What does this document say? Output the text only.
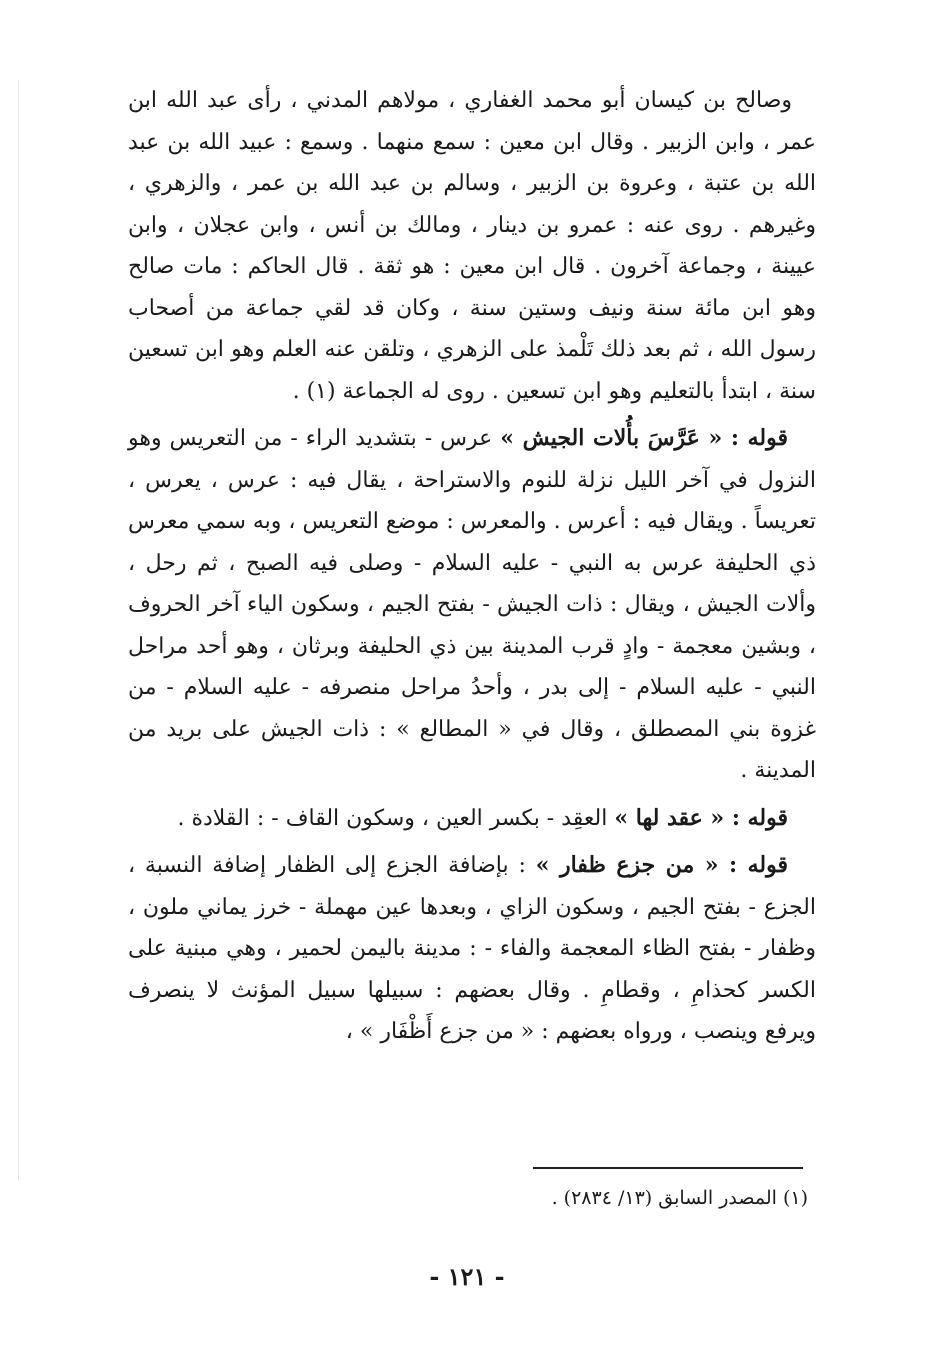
وصالح بن كيسان أبو محمد الغفاري ، مولاهم المدني ، رأى عبد الله ابن عمر ، وابن الزبير . وقال ابن معين : سمع منهما . وسمع : عبيد الله بن عبد الله بن عتبة ، وعروة بن الزبير ، وسالم بن عبد الله بن عمر ، والزهري ، وغيرهم . روى عنه : عمرو بن دينار ، ومالك بن أنس ، وابن عجلان ، وابن عيينة ، وجماعة آخرون . قال ابن معين : هو ثقة . قال الحاكم : مات صالح وهو ابن مائة سنة ونيف وستين سنة ، وكان قد لقي جماعة من أصحاب رسول الله ، ثم بعد ذلك تَلْمذ على الزهري ، وتلقن عنه العلم وهو ابن تسعين سنة ، ابتدأ بالتعليم وهو ابن تسعين . روى له الجماعة (١) .

قوله : « عَرَّسَ بأُلات الجيش » عرس - بتشديد الراء - من التعريس وهو النزول في آخر الليل نزلة للنوم والاستراحة ، يقال فيه : عرس ، يعرس ، تعريساً . ويقال فيه : أعرس . والمعرس : موضع التعريس ، وبه سمي معرس ذي الحليفة عرس به النبي - عليه السلام - وصلى فيه الصبح ، ثم رحل ، وألات الجيش ، ويقال : ذات الجيش - بفتح الجيم ، وسكون الياء آخر الحروف ، وبشين معجمة - وادٍ قرب المدينة بين ذي الحليفة وبرثان ، وهو أحد مراحل النبي - عليه السلام - إلى بدر ، وأحدُ مراحل منصرفه - عليه السلام - من غزوة بني المصطلق ، وقال في « المطالع » : ذات الجيش على بريد من المدينة .

قوله : « عقد لها » العقِد - بكسر العين ، وسكون القاف - : القلادة .

قوله : « من جزع ظفار » : بإضافة الجزع إلى الظفار إضافة النسبة ، الجزع - بفتح الجيم ، وسكون الزاي ، وبعدها عين مهملة - خرز يماني ملون ، وظفار - بفتح الظاء المعجمة والفاء - : مدينة باليمن لحمير ، وهي مبنية على الكسر كحذامِ ، وقطامِ . وقال بعضهم : سبيلها سبيل المؤنث لا ينصرف ويرفع وينصب ، ورواه بعضهم : « من جزع أَظْفَار » ،

(١) المصدر السابق (١٣/ ٢٨٣٤) .
- ١٢١ -
